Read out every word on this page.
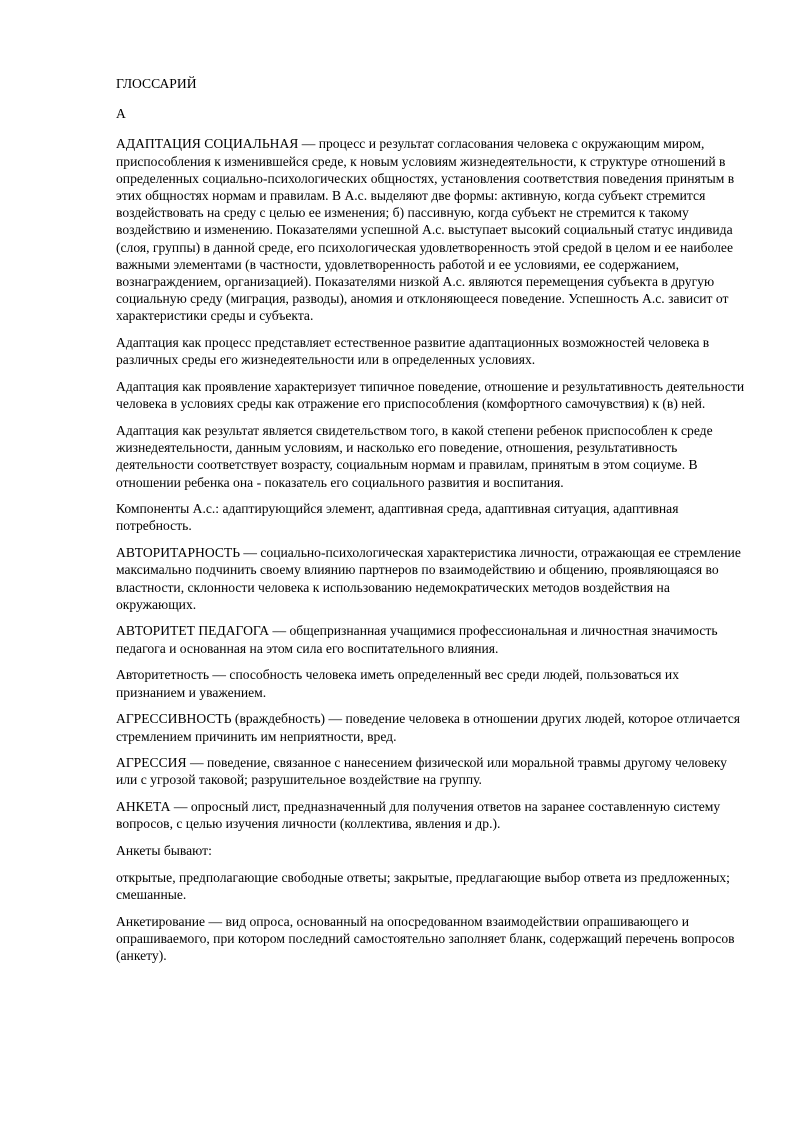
ГЛОССАРИЙ

А

АДАПТАЦИЯ СОЦИАЛЬНАЯ — процесс и результат согласования человека с окружающим миром, приспособления к изменившейся среде, к новым условиям жизнедеятельности, к структуре отношений в определенных социально-психологических общностях, установления соответствия поведения принятым в этих общностях нормам и правилам. В А.с. выделяют две формы: активную, когда субъект стремится воздействовать на среду с целью ее изменения; б) пассивную, когда субъект не стремится к такому воздействию и изменению. Показателями успешной А.с. выступает высокий социальный статус индивида (слоя, группы) в данной среде, его психологическая удовлетворенность этой средой в целом и ее наиболее важными элементами (в частности, удовлетворенность работой и ее условиями, ее содержанием, вознаграждением, организацией). Показателями низкой А.с. являются перемещения субъекта в другую социальную среду (миграция, разводы), аномия и отклоняющееся поведение. Успешность А.с. зависит от характеристики среды и субъекта.

Адаптация как процесс представляет естественное развитие адаптационных возможностей человека в различных среды его жизнедеятельности или в определенных условиях.

Адаптация как проявление характеризует типичное поведение, отношение и результативность деятельности человека в условиях среды как отражение его приспособления (комфортного самочувствия) к (в) ней.

Адаптация как результат является свидетельством того, в какой степени ребенок приспособлен к среде жизнедеятельности, данным условиям, и насколько его поведение, отношения, результативность деятельности соответствует возрасту, социальным нормам и правилам, принятым в этом социуме. В отношении ребенка она - показатель его социального развития и воспитания.

Компоненты А.с.: адаптирующийся элемент, адаптивная среда, адаптивная ситуация, адаптивная потребность.

АВТОРИТАРНОСТЬ — социально-психологическая характеристика личности, отражающая ее стремление максимально подчинить своему влиянию партнеров по взаимодействию и общению, проявляющаяся во властности, склонности человека к использованию недемократических методов воздействия на окружающих.

АВТОРИТЕТ ПЕДАГОГА — общепризнанная учащимися профессиональная и личностная значимость педагога и основанная на этом сила его воспитательного влияния.

Авторитетность — способность человека иметь определенный вес среди людей, пользоваться их признанием и уважением.

АГРЕССИВНОСТЬ (враждебность) — поведение человека в отношении других людей, которое отличается стремлением причинить им неприятности, вред.

АГРЕССИЯ — поведение, связанное с нанесением физической или моральной травмы другому человеку или с угрозой таковой; разрушительное воздействие на группу.

АНКЕТА — опросный лист, предназначенный для получения ответов на заранее составленную систему вопросов, с целью изучения личности (коллектива, явления и др.).

Анкеты бывают:

открытые, предполагающие свободные ответы; закрытые, предлагающие выбор ответа из предложенных; смешанные.

Анкетирование — вид опроса, основанный на опосредованном взаимодействии опрашивающего и опрашиваемого, при котором последний самостоятельно заполняет бланк, содержащий перечень вопросов (анкету).
